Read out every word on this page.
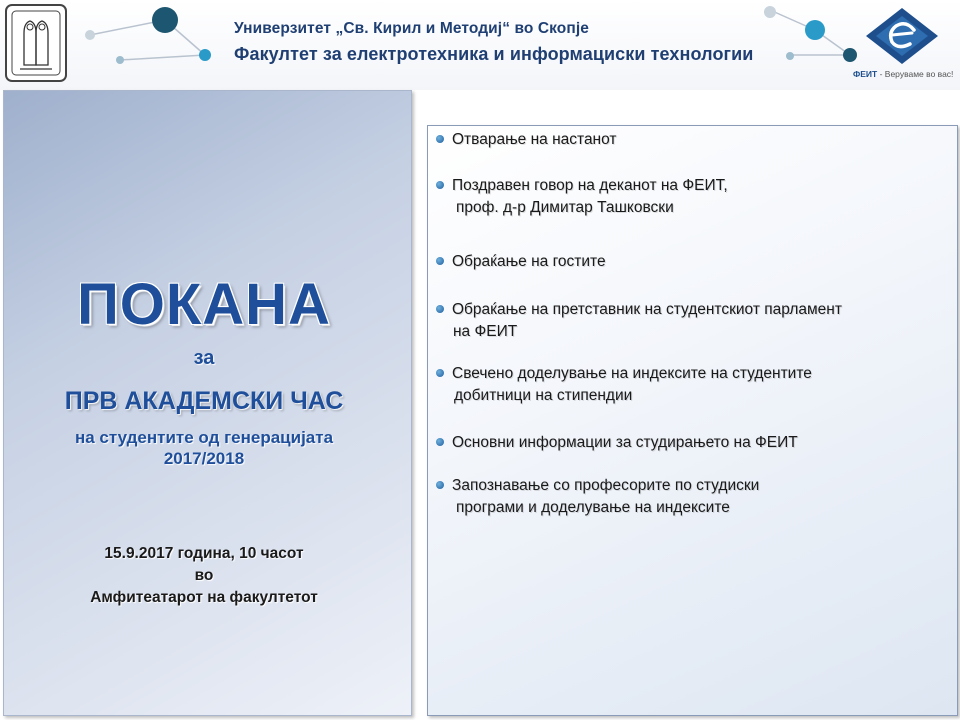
Универзитет „Св. Кирил и Методиј“ во Скопје
Факултет за електротехника и информациски технологии
ФЕИТ - Веруваме во вас!
ПОКАНА
за
ПРВ АКАДЕМСКИ ЧАС
на студентите од генерацијата
2017/2018
15.9.2017 година, 10 часот
во
Амфитеатарот на факултетот
Отварање на настанот
Поздравен говор на деканот на ФЕИТ,
проф. д-р Димитар Ташковски
Обраќање на гостите
Обраќање на претставник на студентскиот парламент
на ФЕИТ
Свечено доделување на индексите на студентите
добитници на стипендии
Основни информации за студирањето на ФЕИТ
Запознавање со професорите по студиски
програми и доделување на индексите
